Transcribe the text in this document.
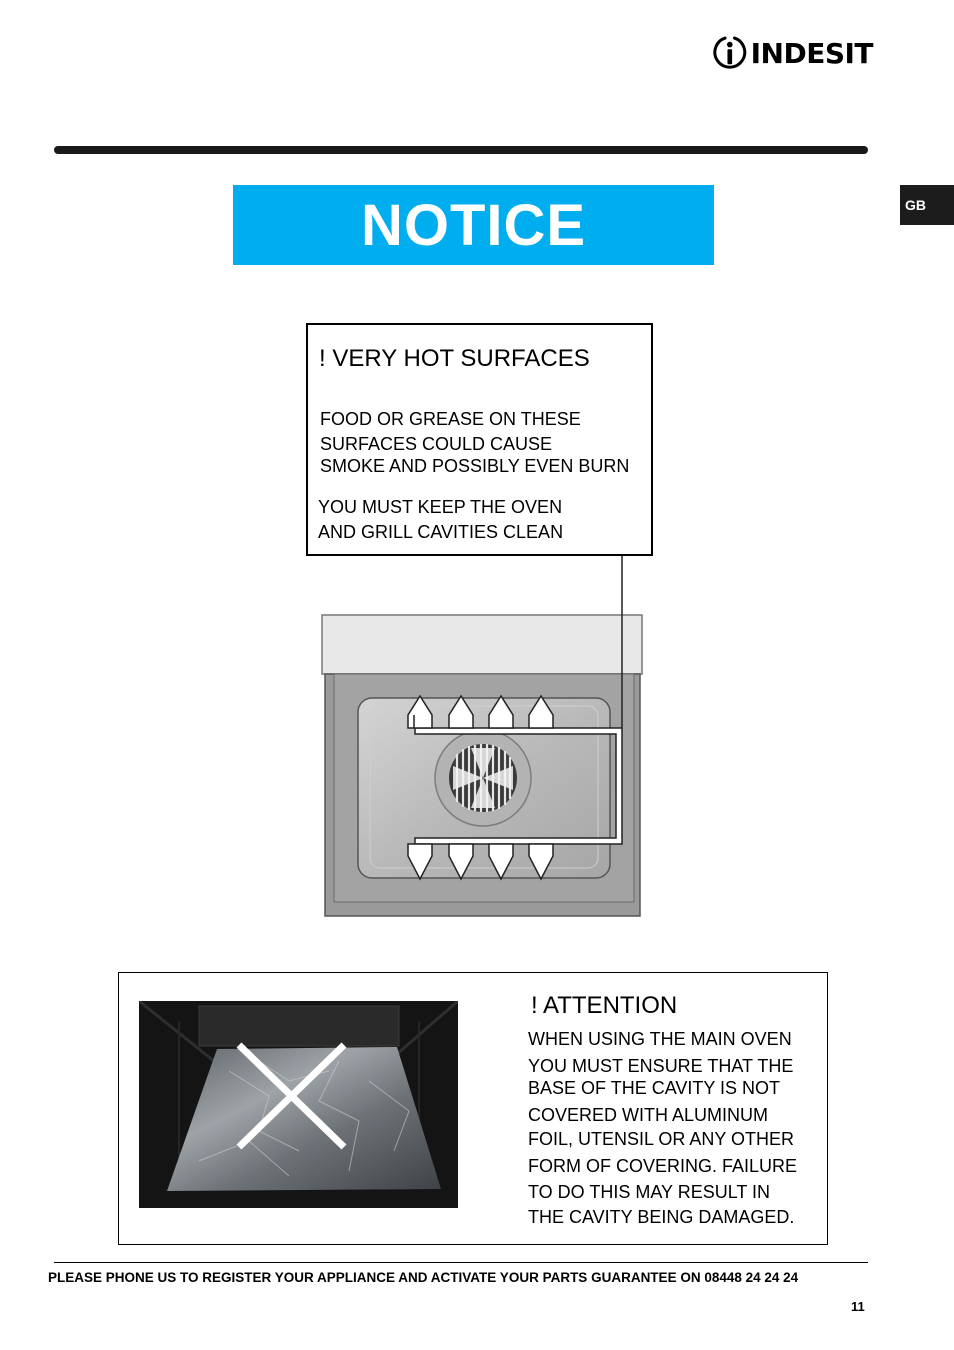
INDESIT
GB
NOTICE
! VERY HOT SURFACES
FOOD OR GREASE ON THESE
SURFACES COULD CAUSE
SMOKE AND POSSIBLY EVEN BURN
YOU MUST KEEP THE OVEN
AND GRILL CAVITIES CLEAN
! ATTENTION
WHEN USING THE MAIN OVEN
YOU MUST ENSURE THAT THE
BASE OF THE CAVITY IS NOT
COVERED WITH ALUMINUM
FOIL, UTENSIL OR ANY OTHER
FORM OF COVERING. FAILURE
TO DO THIS MAY RESULT IN
THE CAVITY BEING DAMAGED.
PLEASE PHONE US TO REGISTER YOUR APPLIANCE AND ACTIVATE YOUR PARTS GUARANTEE ON 08448 24 24 24
11
